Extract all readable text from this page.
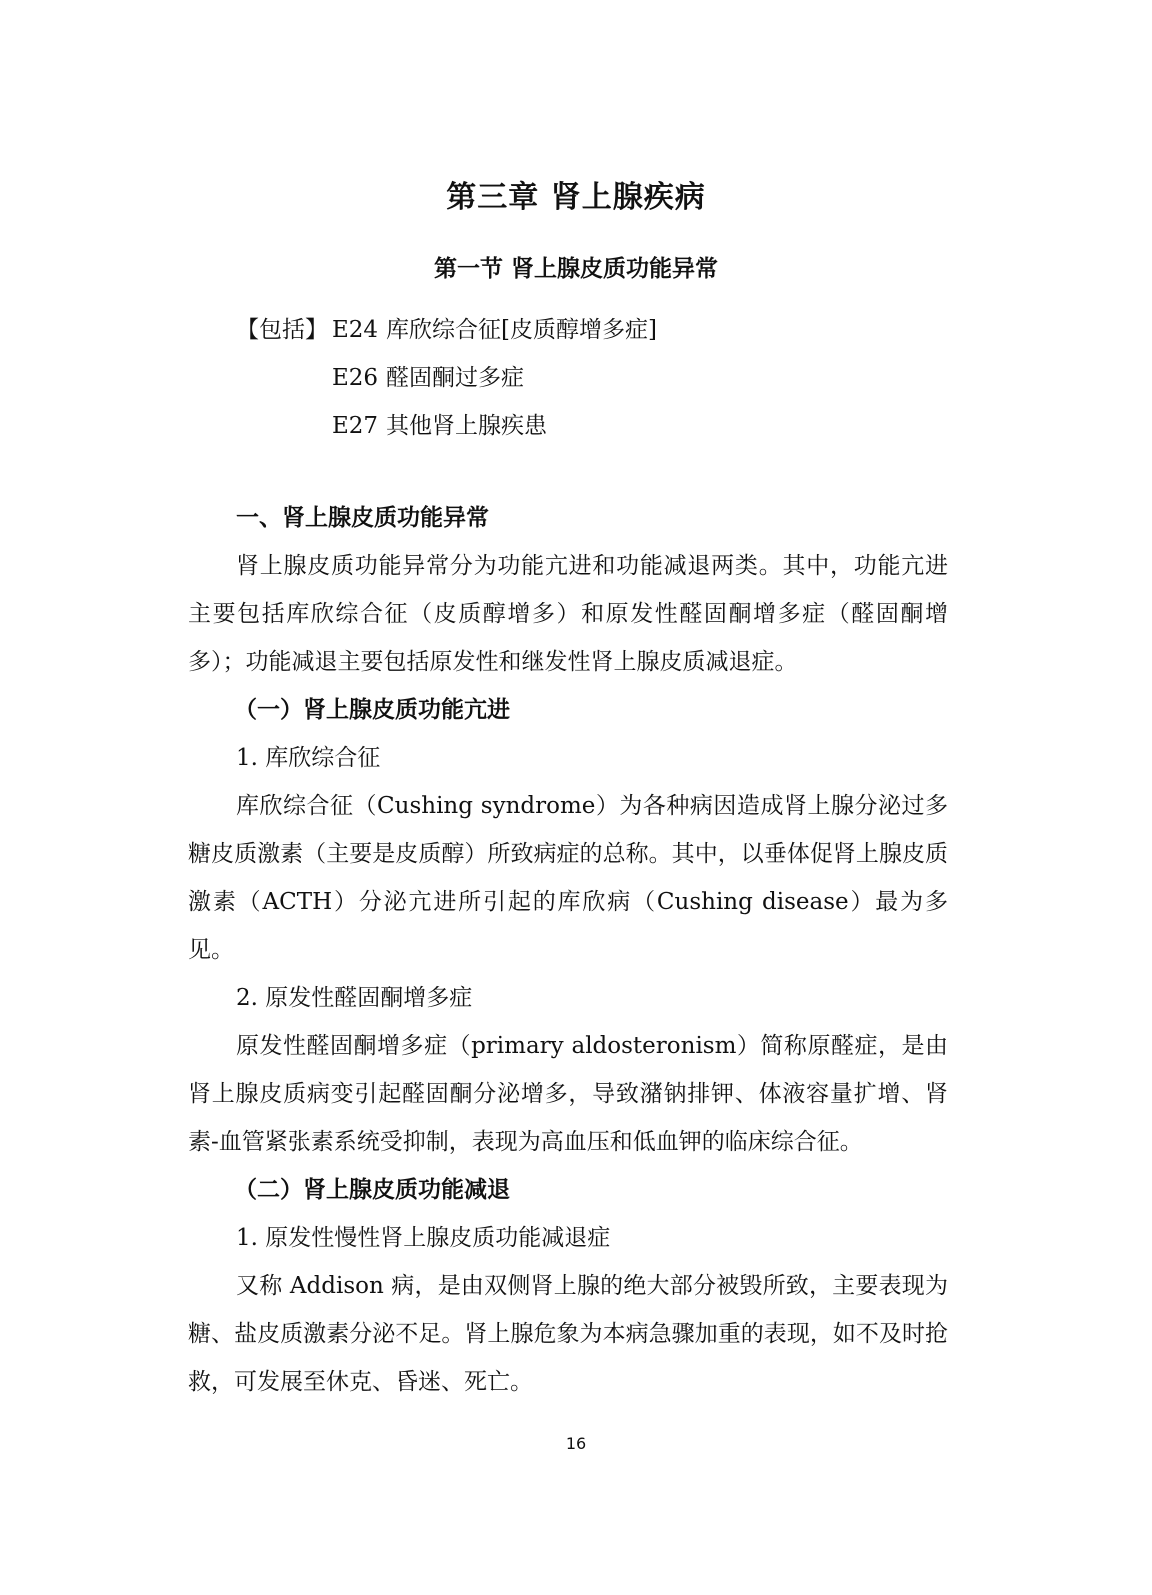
第三章 肾上腺疾病
第一节 肾上腺皮质功能异常
【包括】 E24 库欣综合征[皮质醇增多症]
E26 醛固酮过多症
E27 其他肾上腺疾患
一、肾上腺皮质功能异常

肾上腺皮质功能异常分为功能亢进和功能减退两类。其中，功能亢进主要包括库欣综合征（皮质醇增多）和原发性醛固酮增多症（醛固酮增多）；功能减退主要包括原发性和继发性肾上腺皮质减退症。

（一）肾上腺皮质功能亢进
1. 库欣综合征

库欣综合征（Cushing syndrome）为各种病因造成肾上腺分泌过多糖皮质激素（主要是皮质醇）所致病症的总称。其中，以垂体促肾上腺皮质激素（ACTH）分泌亢进所引起的库欣病（Cushing disease）最为多见。

2. 原发性醛固酮增多症

原发性醛固酮增多症（primary aldosteronism）简称原醛症，是由肾上腺皮质病变引起醛固酮分泌增多，导致潴钠排钾、体液容量扩增、肾素-血管紧张素系统受抑制，表现为高血压和低血钾的临床综合征。

（二）肾上腺皮质功能减退
1. 原发性慢性肾上腺皮质功能减退症

又称 Addison 病，是由双侧肾上腺的绝大部分被毁所致，主要表现为糖、盐皮质激素分泌不足。肾上腺危象为本病急骤加重的表现，如不及时抢救，可发展至休克、昏迷、死亡。

16
